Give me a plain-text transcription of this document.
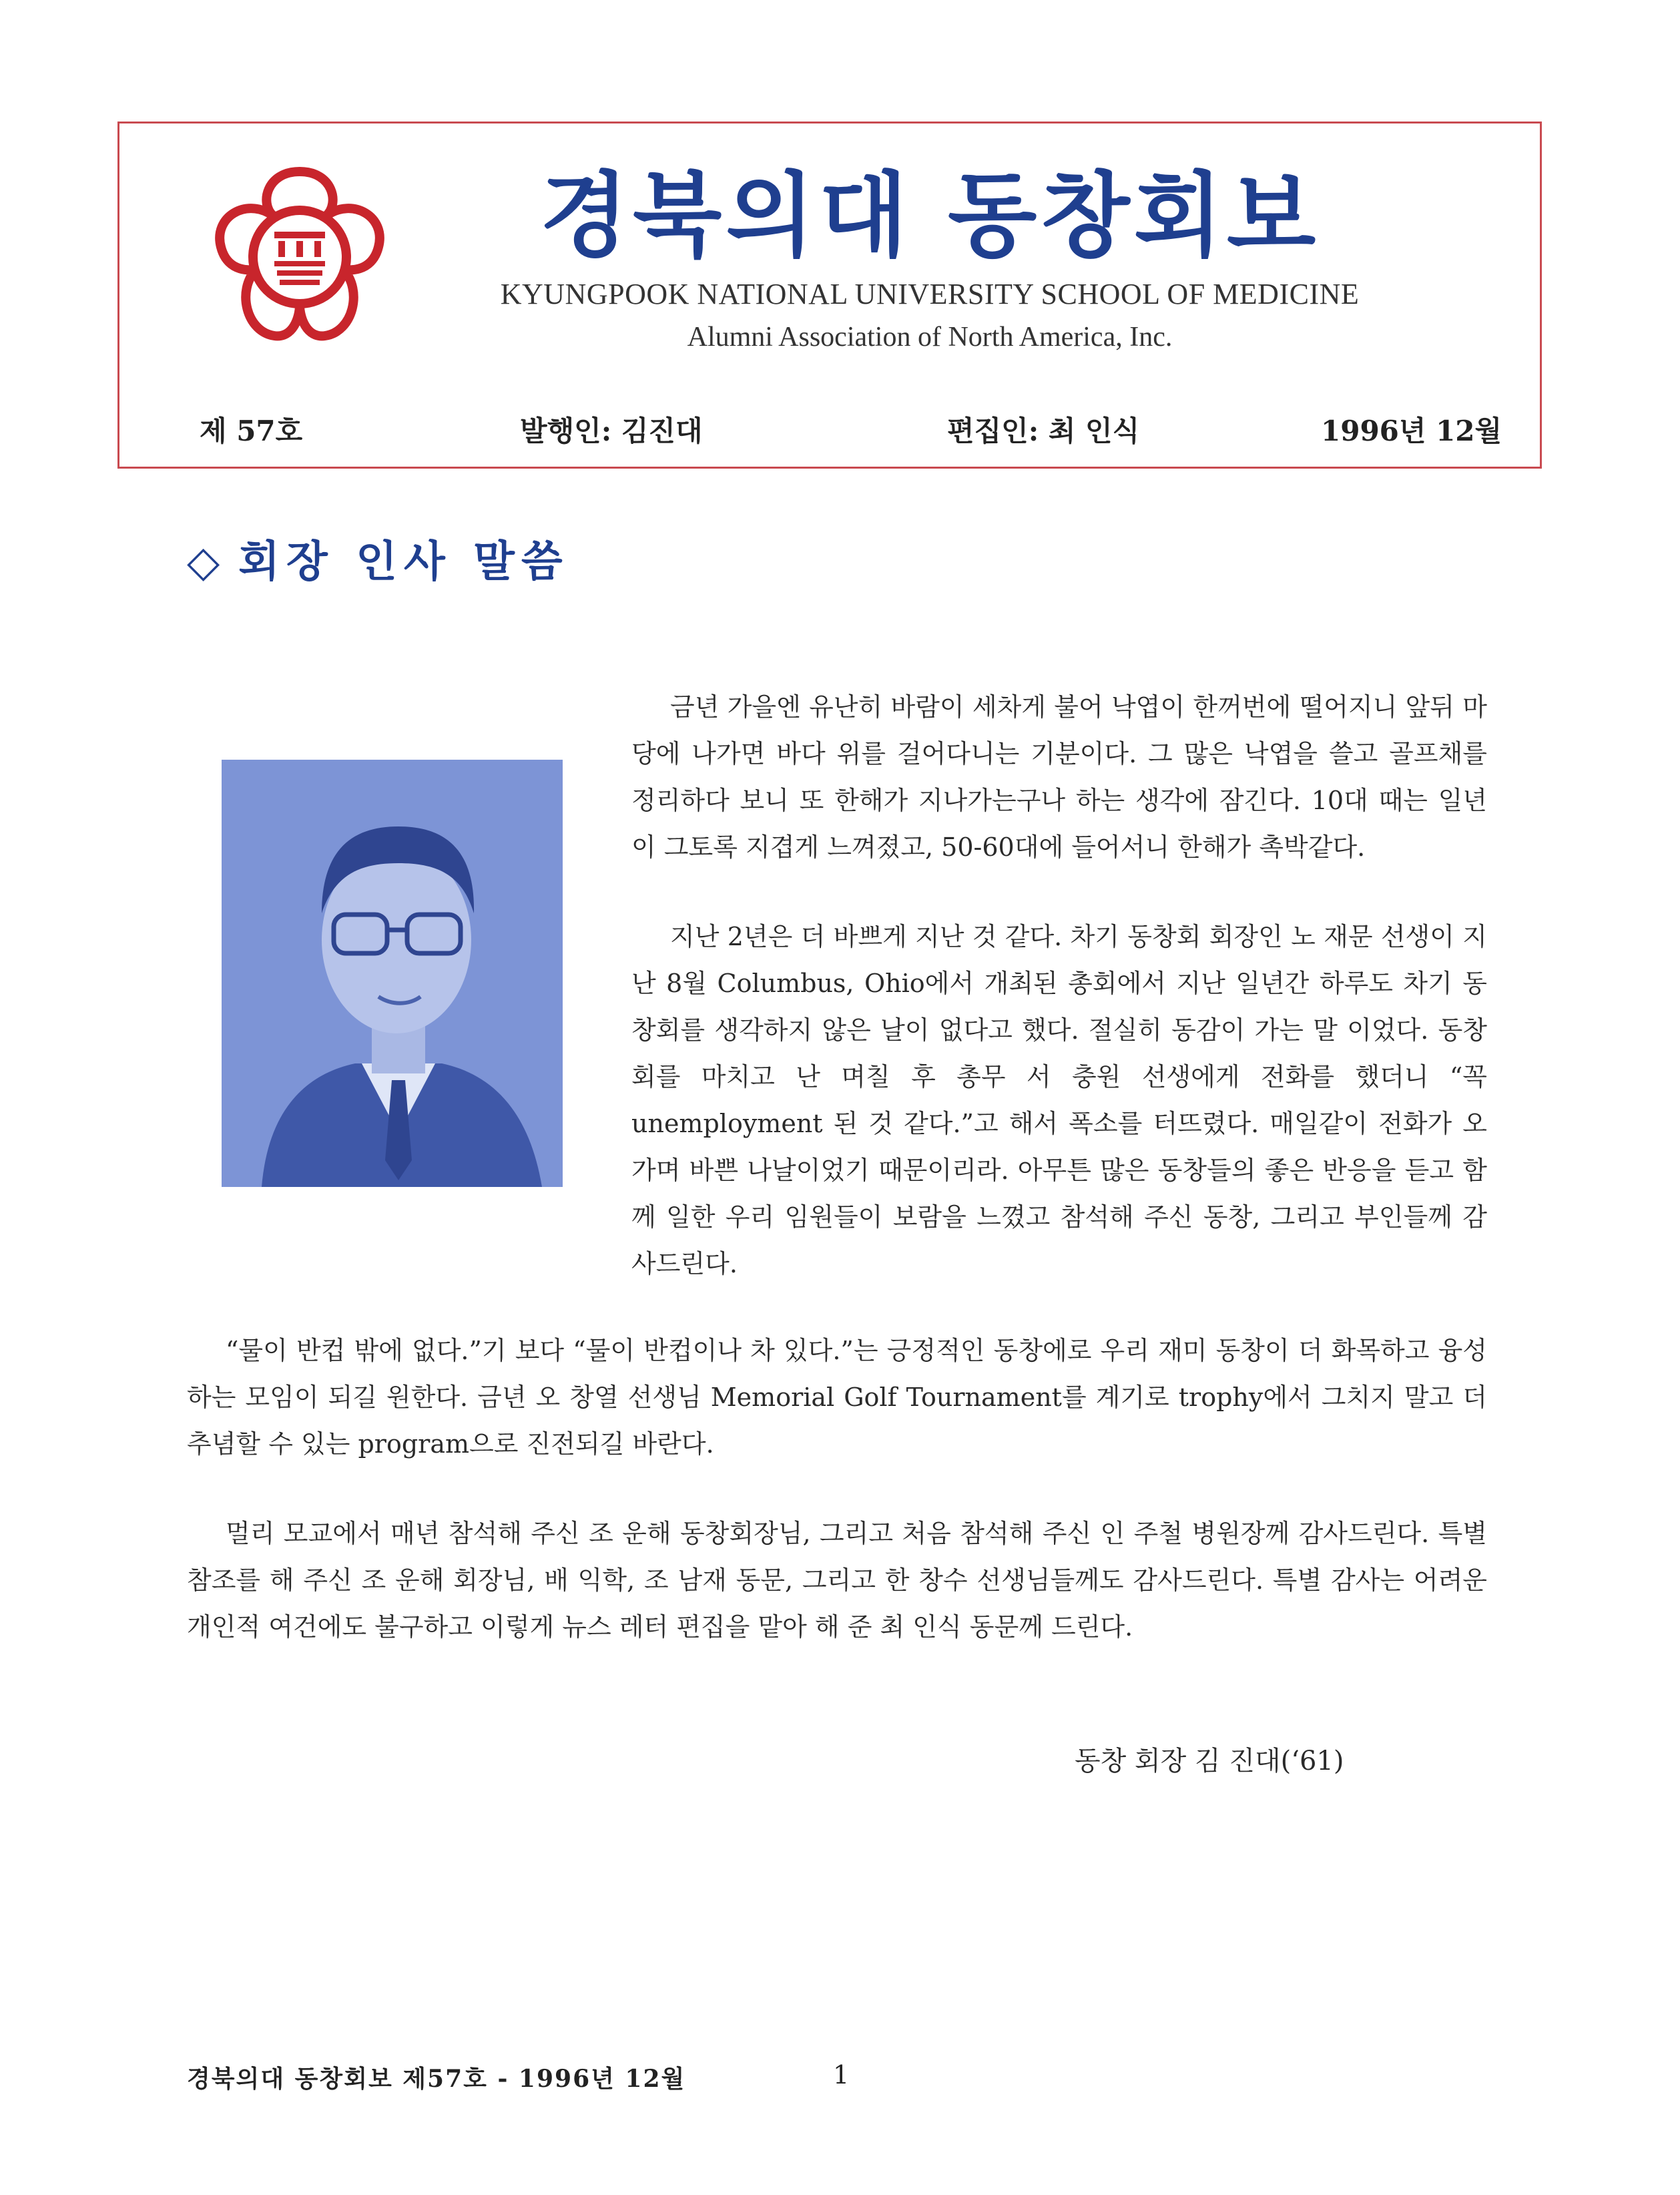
경북의대 동창회보
KYUNGPOOK NATIONAL UNIVERSITY SCHOOL OF MEDICINE
Alumni Association of North America, Inc.
제 57호	발행인: 김진대	편집인: 최 인식	1996년 12월
◇ 회장 인사 말씀

금년 가을엔 유난히 바람이 세차게 불어 낙엽이 한꺼번에 떨어지니 앞뒤 마당에 나가면 바다 위를 걸어다니는 기분이다. 그 많은 낙엽을 쓸고 골프채를 정리하다 보니 또 한해가 지나가는구나 하는 생각에 잠긴다. 10대 때는 일년이 그토록 지겹게 느껴졌고, 50-60대에 들어서니 한해가 촉박같다.

지난 2년은 더 바쁘게 지난 것 같다. 차기 동창회 회장인 노 재문 선생이 지난 8월 Columbus, Ohio에서 개최된 총회에서 지난 일년간 하루도 차기 동창회를 생각하지 않은 날이 없다고 했다. 절실히 동감이 가는 말 이었다. 동창회를 마치고 난 며칠 후 총무 서 충원 선생에게 전화를 했더니 “꼭 unemployment 된 것 같다.”고 해서 폭소를 터뜨렸다. 매일같이 전화가 오가며 바쁜 나날이었기 때문이리라. 아무튼 많은 동창들의 좋은 반응을 듣고 함께 일한 우리 임원들이 보람을 느꼈고 참석해 주신 동창, 그리고 부인들께 감사드린다.

“물이 반컵 밖에 없다.”기 보다 “물이 반컵이나 차 있다.”는 긍정적인 동창에로 우리 재미 동창이 더 화목하고 융성하는 모임이 되길 원한다. 금년 오 창열 선생님 Memorial Golf Tournament를 계기로 trophy에서 그치지 말고 더 추념할 수 있는 program으로 진전되길 바란다.

멀리 모교에서 매년 참석해 주신 조 운해 동창회장님, 그리고 처음 참석해 주신 인 주철 병원장께 감사드린다. 특별 참조를 해 주신 조 운해 회장님, 배 익학, 조 남재 동문, 그리고 한 창수 선생님들께도 감사드린다. 특별 감사는 어려운 개인적 여건에도 불구하고 이렇게 뉴스 레터 편집을 맡아 해 준 최 인식 동문께 드린다.

동창 회장 김 진대(‘61)
경북의대 동창회보 제57호 - 1996년 12월	1
